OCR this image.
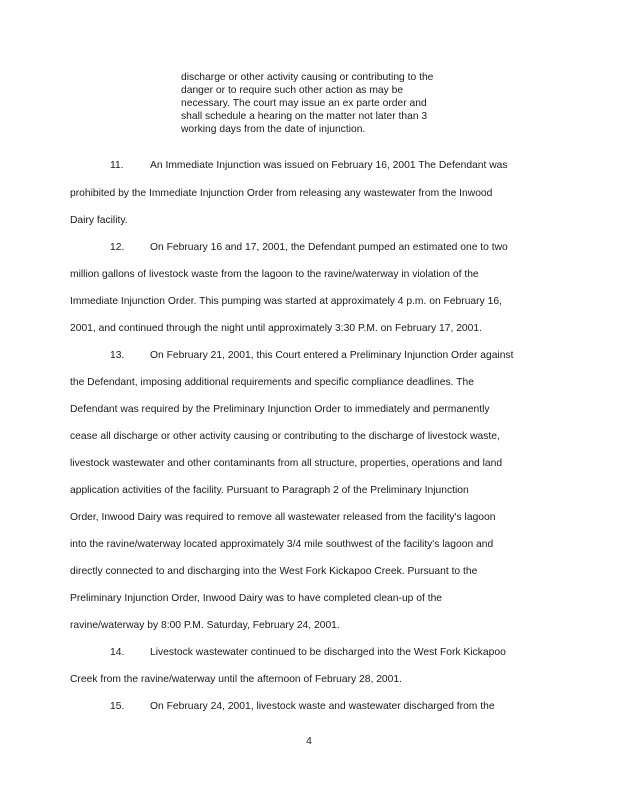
discharge or other activity causing or contributing to the
danger or to require such other action as may be
necessary. The court may issue an ex parte order and
shall schedule a hearing on the matter not later than 3
working days from the date of injunction.
11.	An Immediate Injunction was issued on February 16, 2001 The Defendant was
prohibited by the Immediate Injunction Order from releasing any wastewater from the Inwood
Dairy facility.
12. On February 16 and 17, 2001, the Defendant pumped an estimated one to two
million gallons of livestock waste from the lagoon to the ravine/waterway in violation of the
Immediate Injunction Order. This pumping was started at approximately 4 p.m. on February 16,
2001, and continued through the night until approximately 3:30 P.M. on February 17, 2001.
13. On February 21, 2001, this Court entered a Preliminary Injunction Order against
the Defendant, imposing additional requirements and specific compliance deadlines. The
Defendant was required by the Preliminary Injunction Order to immediately and permanently
cease all discharge or other activity causing or contributing to the discharge of livestock waste,
livestock wastewater and other contaminants from all structure, properties, operations and land
application activities of the facility. Pursuant to Paragraph 2 of the Preliminary Injunction
Order, Inwood Dairy was required to remove all wastewater released from the facility's lagoon
into the ravine/waterway located approximately 3/4 mile southwest of the facility's lagoon and
directly connected to and discharging into the West Fork Kickapoo Creek. Pursuant to the
Preliminary Injunction Order, Inwood Dairy was to have completed clean-up of the
ravine/waterway by 8:00 P.M. Saturday, February 24, 2001.
14. Livestock wastewater continued to be discharged into the West Fork Kickapoo
Creek from the ravine/waterway until the afternoon of February 28, 2001.
15. On February 24, 2001, livestock waste and wastewater discharged from the
4
